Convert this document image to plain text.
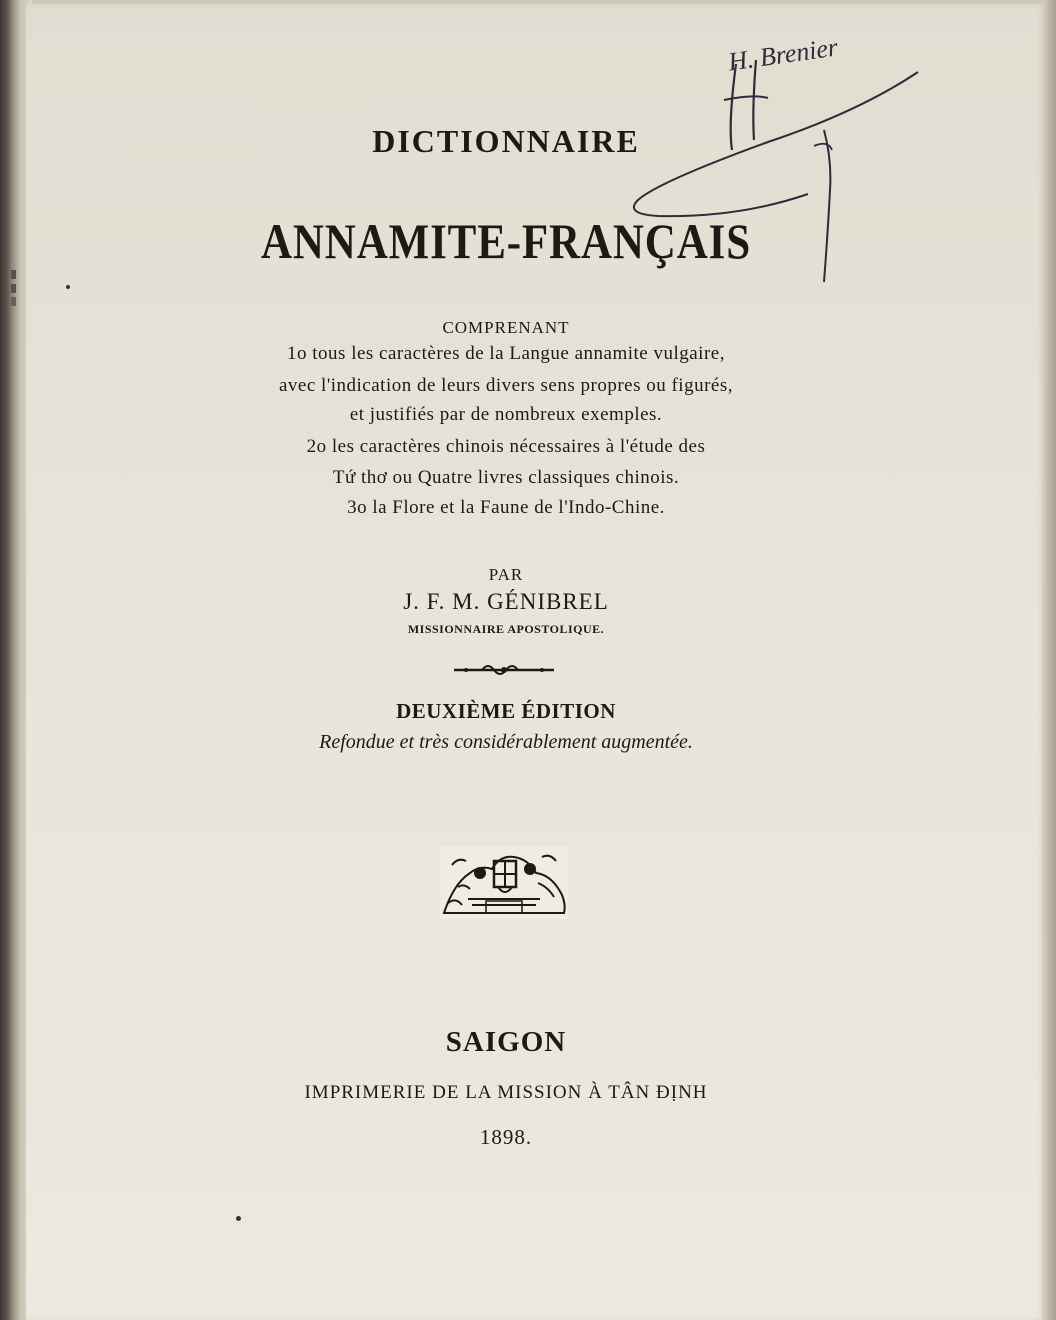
DICTIONNAIRE
ANNAMITE-FRANÇAIS
COMPRENANT
1o tous les caractères de la Langue annamite vulgaire,
avec l'indication de leurs divers sens propres ou figurés,
et justifiés par de nombreux exemples.
2o les caractères chinois nécessaires à l'étude des
Tứ thơ ou Quatre livres classiques chinois.
3o la Flore et la Faune de l'Indo-Chine.
PAR
J. F. M. GÉNIBREL
MISSIONNAIRE APOSTOLIQUE.
DEUXIÈME ÉDITION
Refondue et très considérablement augmentée.
SAIGON
IMPRIMERIE DE LA MISSION À TÂN ĐỊNH
1898.
H. Brenier
